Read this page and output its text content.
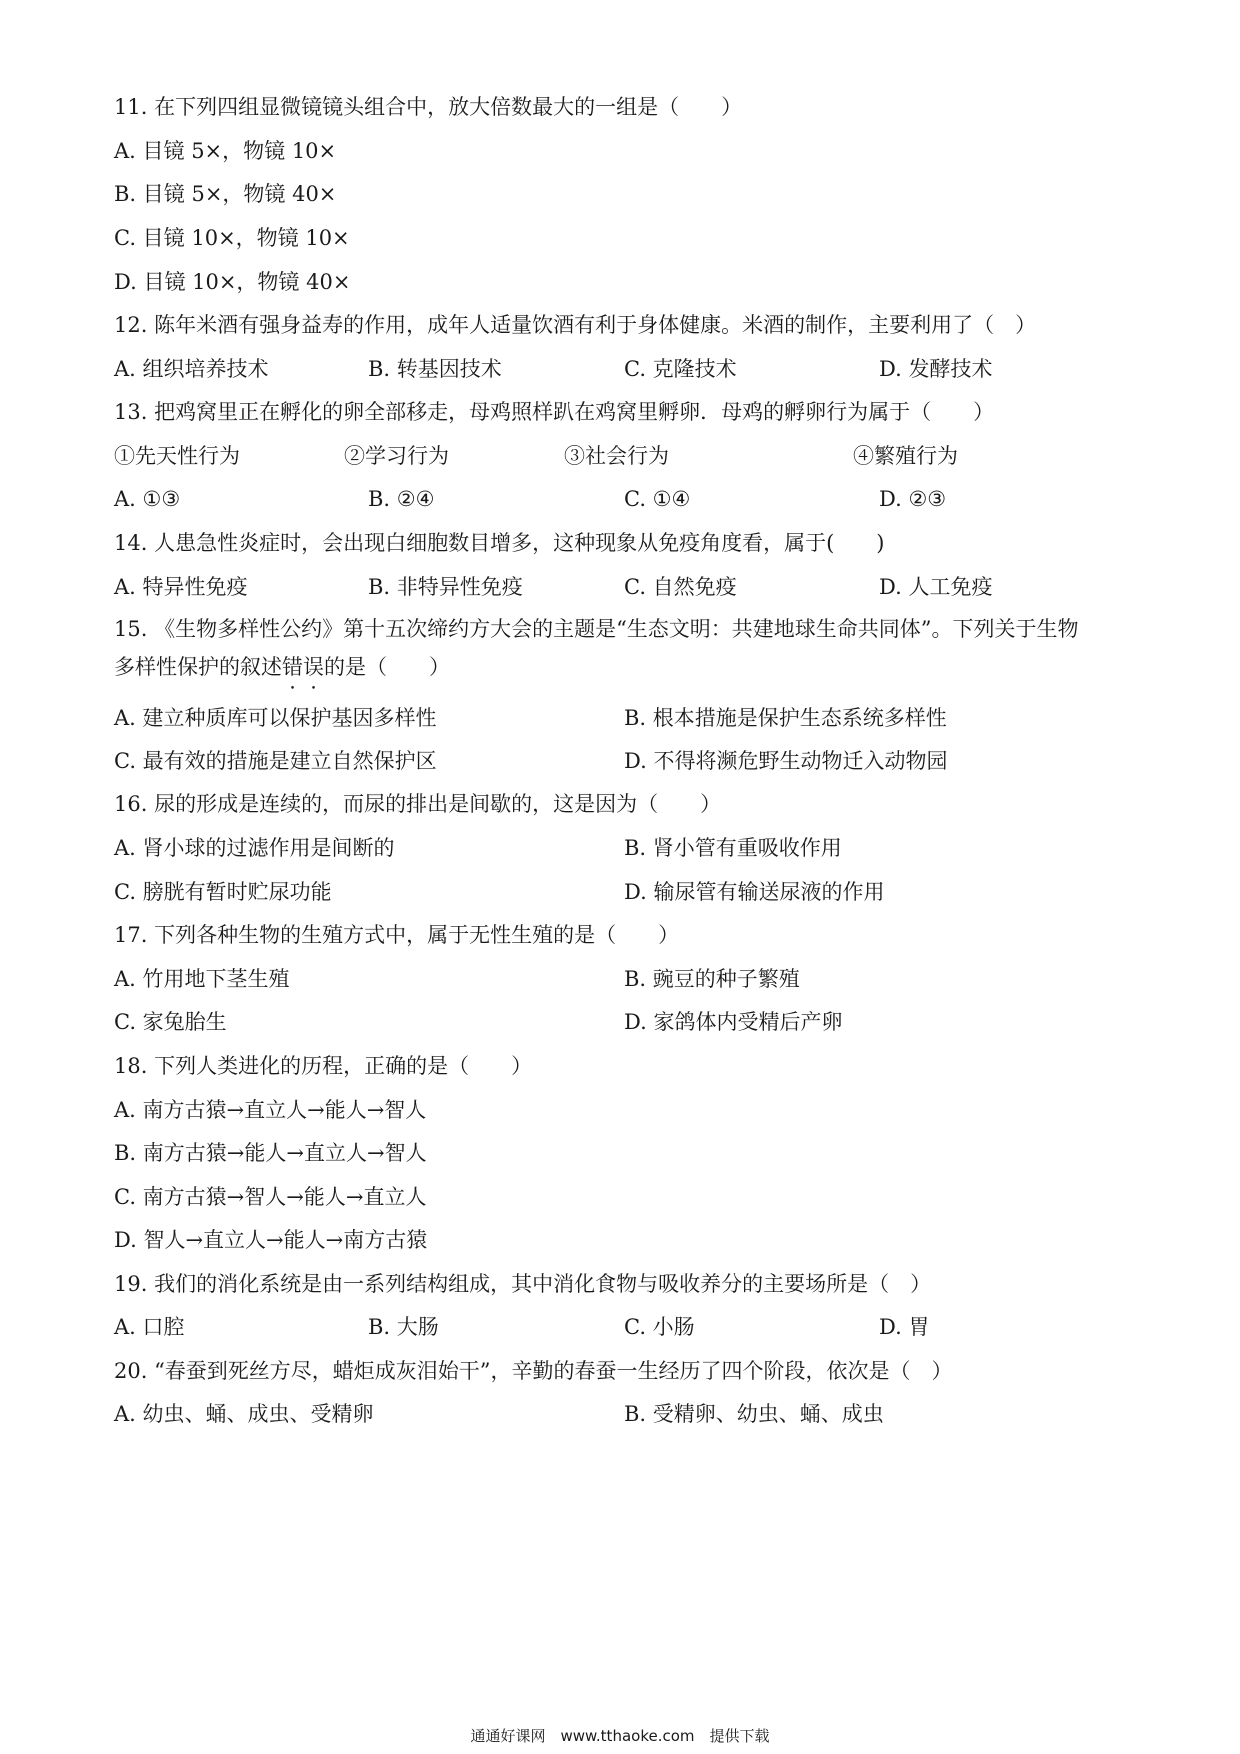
11. 在下列四组显微镜镜头组合中，放大倍数最大的一组是（　　）
A. 目镜 5×，物镜 10×
B. 目镜 5×，物镜 40×
C. 目镜 10×，物镜 10×
D. 目镜 10×，物镜 40×
12. 陈年米酒有强身益寿的作用，成年人适量饮酒有利于身体健康。米酒的制作，主要利用了（　）
A. 组织培养技术	B. 转基因技术	C. 克隆技术	D. 发酵技术
13. 把鸡窝里正在孵化的卵全部移走，母鸡照样趴在鸡窝里孵卵．母鸡的孵卵行为属于（　　）
①先天性行为	②学习行为	③社会行为	④繁殖行为
A. ①③	B. ②④	C. ①④	D. ②③
14. 人患急性炎症时，会出现白细胞数目增多，这种现象从免疫角度看，属于(　　)
A. 特异性免疫	B. 非特异性免疫	C. 自然免疫	D. 人工免疫
15. 《生物多样性公约》第十五次缔约方大会的主题是“生态文明：共建地球生命共同体”。下列关于生物
多样性保护的叙述错误的是（　　）
A. 建立种质库可以保护基因多样性	B. 根本措施是保护生态系统多样性
C. 最有效的措施是建立自然保护区	D. 不得将濒危野生动物迁入动物园
16. 尿的形成是连续的，而尿的排出是间歇的，这是因为（　　）
A. 肾小球的过滤作用是间断的	B. 肾小管有重吸收作用
C. 膀胱有暂时贮尿功能	D. 输尿管有输送尿液的作用
17. 下列各种生物的生殖方式中，属于无性生殖的是（　　）
A. 竹用地下茎生殖	B. 豌豆的种子繁殖
C. 家兔胎生	D. 家鸽体内受精后产卵
18. 下列人类进化的历程，正确的是（　　）
A. 南方古猿→直立人→能人→智人
B. 南方古猿→能人→直立人→智人
C. 南方古猿→智人→能人→直立人
D. 智人→直立人→能人→南方古猿
19. 我们的消化系统是由一系列结构组成，其中消化食物与吸收养分的主要场所是（　）
A. 口腔	B. 大肠	C. 小肠	D. 胃
20. “春蚕到死丝方尽，蜡炬成灰泪始干”，辛勤的春蚕一生经历了四个阶段，依次是（　）
A. 幼虫、蛹、成虫、受精卵	B. 受精卵、幼虫、蛹、成虫
通通好课网　www.tthaoke.com　提供下载
